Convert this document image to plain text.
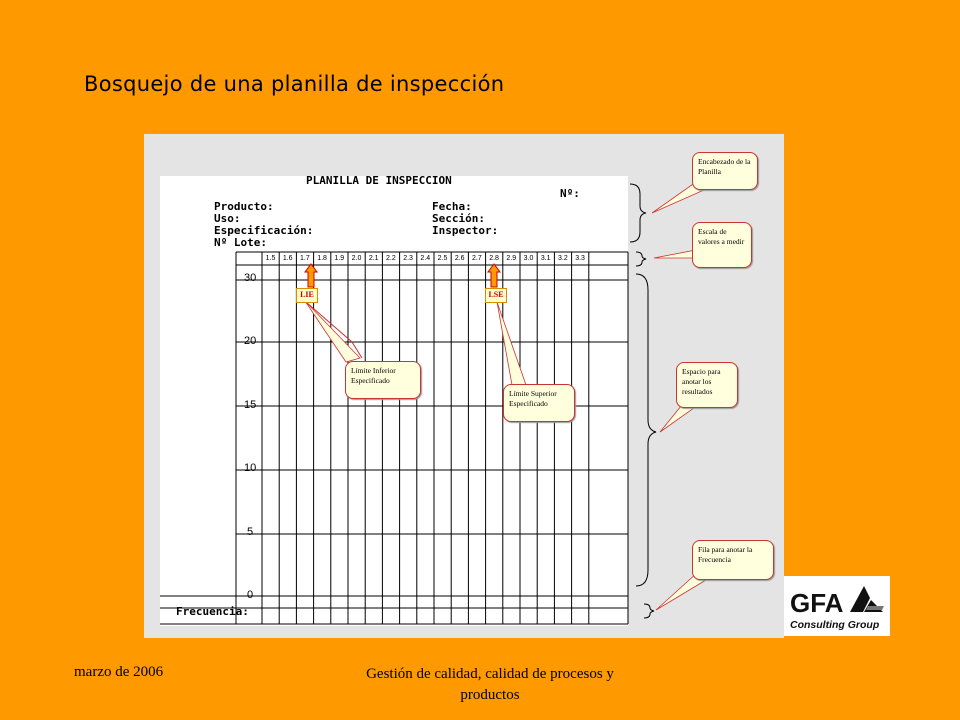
Bosquejo de una planilla de inspección
PLANILLA DE INSPECCION
Nº:
Producto:
Uso:
Especificación:
Nº Lote:
Fecha:
Sección:
Inspector:
Frecuencia:
1.5	1.6	1.7	1.8	1.9	2.0	2.1	2.2	2.3	2.4	2.5	2.6	2.7	2.8	2.9	3.0	3.1	3.2	3.3
30
20
15
10
5
0
LIE	LSE
Encabezado de la Planilla
Escala de valores a medir
Espacio para anotar los resultados
Fila para anotar la Frecuencia
Límite Inferior Especificado
Límite Superior Especificado
GFA
Consulting Group
marzo de 2006	Gestión de calidad, calidad de procesos y productos
